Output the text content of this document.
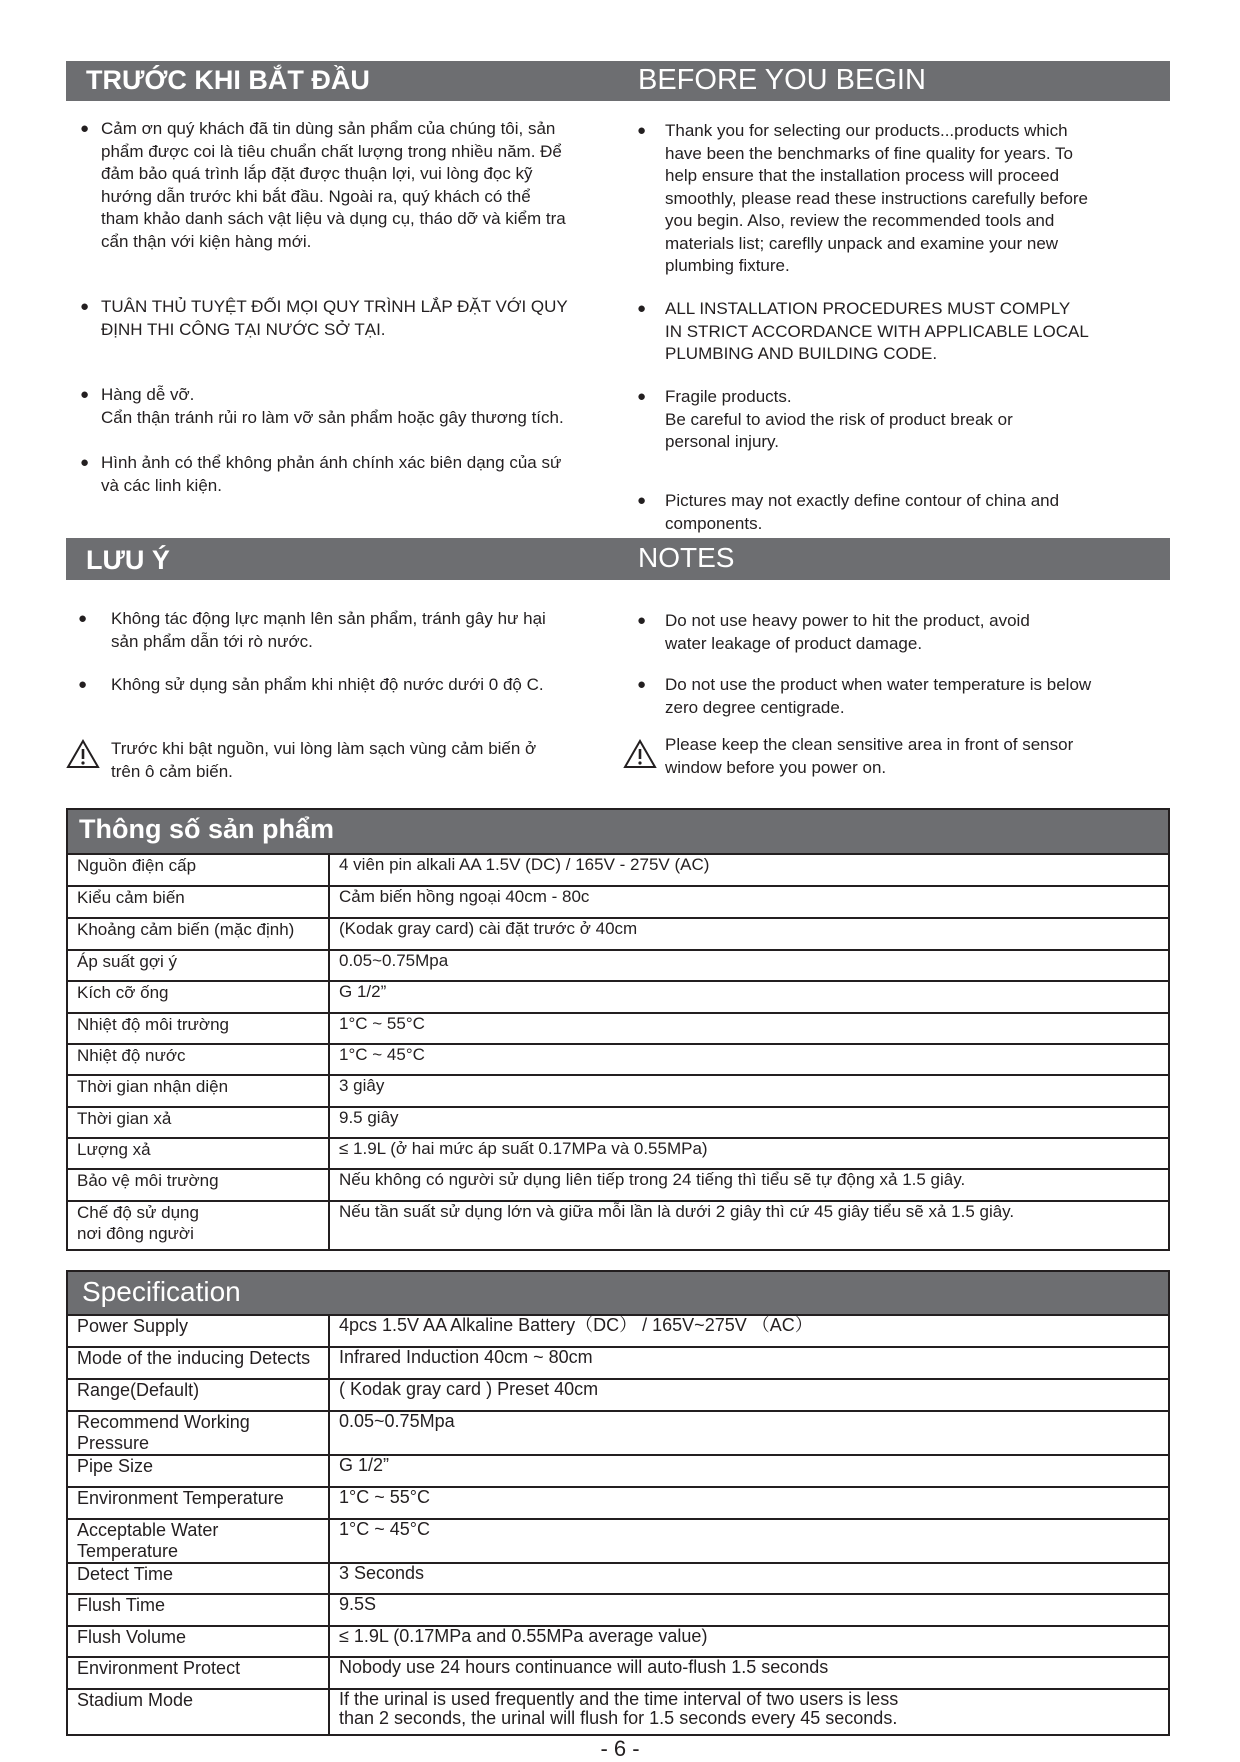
TRƯỚC KHI BẮT ĐẦU	BEFORE YOU BEGIN
● Cảm ơn quý khách đã tin dùng sản phẩm của chúng tôi, sản
phẩm được coi là tiêu chuẩn chất lượng trong nhiều năm. Để
đảm bảo quá trình lắp đặt được thuận lợi, vui lòng đọc kỹ
hướng dẫn trước khi bắt đầu. Ngoài ra, quý khách có thể
tham khảo danh sách vật liệu và dụng cụ, tháo dỡ và kiểm tra
cẩn thận với kiện hàng mới.
● TUÂN THỦ TUYỆT ĐỐI MỌI QUY TRÌNH LẮP ĐẶT VỚI QUY
ĐỊNH THI CÔNG TẠI NƯỚC SỞ TẠI.
● Hàng dễ vỡ.
Cẩn thận tránh rủi ro làm vỡ sản phẩm hoặc gây thương tích.
● Hình ảnh có thể không phản ánh chính xác biên dạng của sứ
và các linh kiện.
● Thank you for selecting our products...products which
have been the benchmarks of fine quality for years. To
help ensure that the installation process will proceed
smoothly, please read these instructions carefully before
you begin. Also, review the recommended tools and
materials list; careflly unpack and examine your new
plumbing fixture.
● ALL INSTALLATION PROCEDURES MUST COMPLY
IN STRICT ACCORDANCE WITH APPLICABLE LOCAL
PLUMBING AND BUILDING CODE.
● Fragile products.
Be careful to aviod the risk of product break or
personal injury.
● Pictures may not exactly define contour of china and
components.
LƯU Ý	NOTES
● Không tác động lực mạnh lên sản phẩm, tránh gây hư hại
sản phẩm dẫn tới rò nước.
● Không sử dụng sản phẩm khi nhiệt độ nước dưới 0 độ C.
● Do not use heavy power to hit the product, avoid
water leakage of product damage.
● Do not use the product when water temperature is below
zero degree centigrade.

Trước khi bật nguồn, vui lòng làm sạch vùng cảm biến ở
trên ô cảm biến.

Please keep the clean sensitive area in front of sensor
window before you power on.

Thông số sản phẩm	
Nguồn điện cấp	4 viên pin alkali AA 1.5V (DC) / 165V - 275V (AC)
Kiểu cảm biến	Cảm biến hồng ngoại 40cm - 80c
Khoảng cảm biến (mặc định)	(Kodak gray card) cài đặt trước ở 40cm
Áp suất gợi ý	0.05~0.75Mpa
Kích cỡ ống	G 1/2”
Nhiệt độ môi trường	1°C ~ 55°C
Nhiệt độ nước	1°C ~ 45°C
Thời gian nhận diện	3 giây
Thời gian xả	9.5 giây
Lượng xả	≤ 1.9L (ở hai mức áp suất 0.17MPa và 0.55MPa)
Bảo vệ môi trường	Nếu không có người sử dụng liên tiếp trong 24 tiếng thì tiểu sẽ tự động xả 1.5 giây.
Chế độ sử dụng
nơi đông người	Nếu tần suất sử dụng lớn và giữa mỗi lần là dưới 2 giây thì cứ 45 giây tiểu sẽ xả 1.5 giây.
Specification	
Power Supply	4pcs 1.5V AA Alkaline Battery（DC） / 165V~275V （AC）
Mode of the inducing Detects	Infrared Induction 40cm ~ 80cm
Range(Default)	( Kodak gray card ) Preset 40cm
Recommend Working Pressure	0.05~0.75Mpa
Pipe Size	G 1/2”
Environment Temperature	1°C ~ 55°C
Acceptable Water Temperature	1°C ~ 45°C
Detect Time	3 Seconds
Flush Time	9.5S
Flush Volume	≤ 1.9L (0.17MPa and 0.55MPa average value)
Environment Protect	Nobody use 24 hours continuance will auto-flush 1.5 seconds
Stadium Mode	If the urinal is used frequently and the time interval of two users is less
than 2 seconds, the urinal will flush for 1.5 seconds every 45 seconds.
- 6 -
